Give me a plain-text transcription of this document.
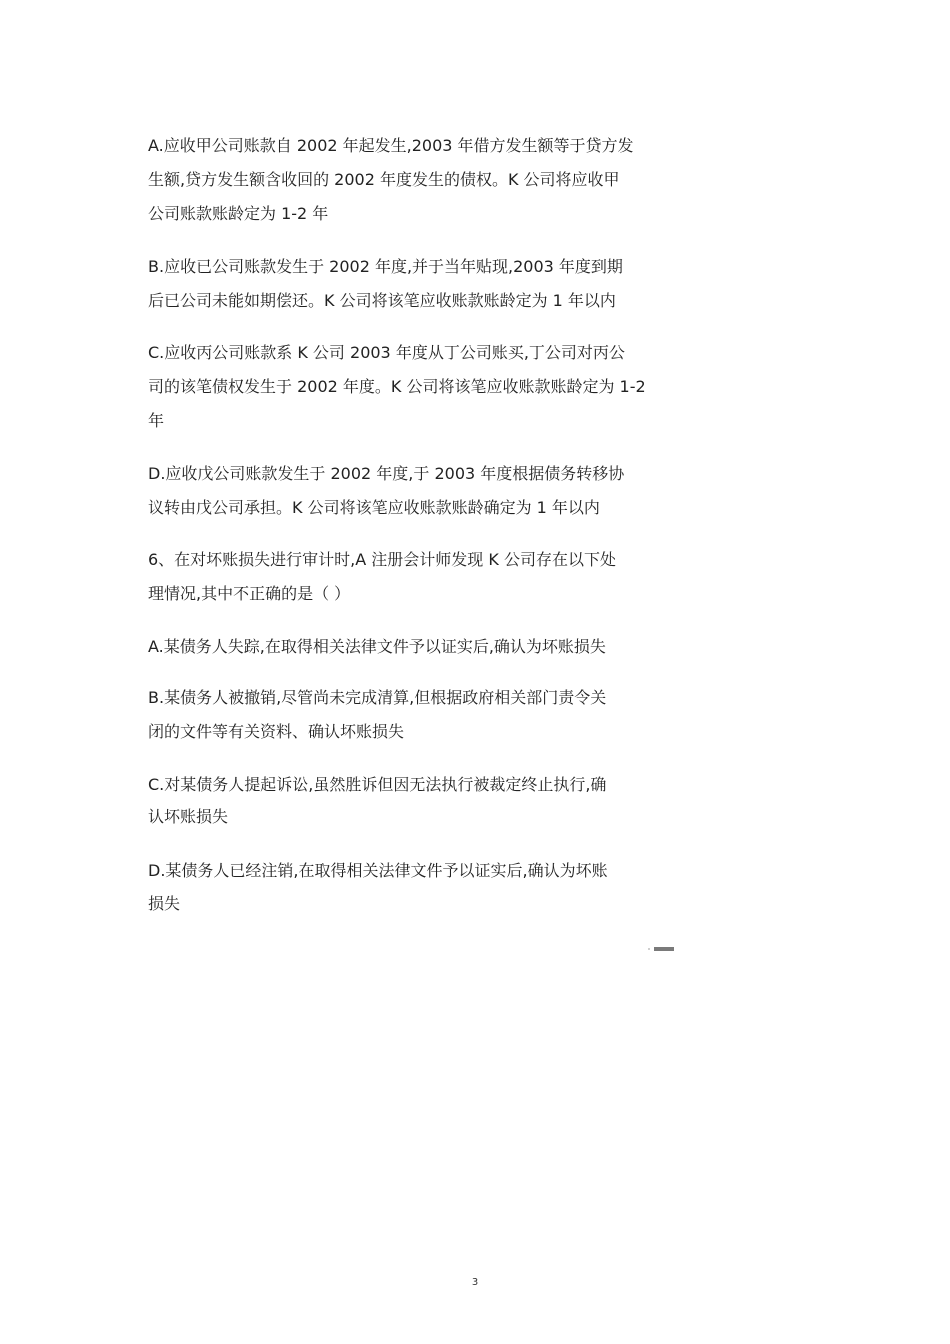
A.应收甲公司账款自 2002 年起发生,2003 年借方发生额等于贷方发
生额,贷方发生额含收回的 2002 年度发生的债权。K 公司将应收甲
公司账款账龄定为 1-2 年
B.应收已公司账款发生于 2002 年度,并于当年贴现,2003 年度到期
后已公司未能如期偿还。K 公司将该笔应收账款账龄定为 1 年以内
C.应收丙公司账款系 K 公司 2003 年度从丁公司账买,丁公司对丙公
司的该笔债权发生于 2002 年度。K 公司将该笔应收账款账龄定为 1-2
年
D.应收戊公司账款发生于 2002 年度,于 2003 年度根据债务转移协
议转由戊公司承担。K 公司将该笔应收账款账龄确定为 1 年以内
6、在对坏账损失进行审计时,A 注册会计师发现 K 公司存在以下处
理情况,其中不正确的是（ ）
A.某债务人失踪,在取得相关法律文件予以证实后,确认为坏账损失
B.某债务人被撤销,尽管尚未完成清算,但根据政府相关部门责令关
闭的文件等有关资料、确认坏账损失
C.对某债务人提起诉讼,虽然胜诉但因无法执行被裁定终止执行,确
认坏账损失
D.某债务人已经注销,在取得相关法律文件予以证实后,确认为坏账
损失
3
